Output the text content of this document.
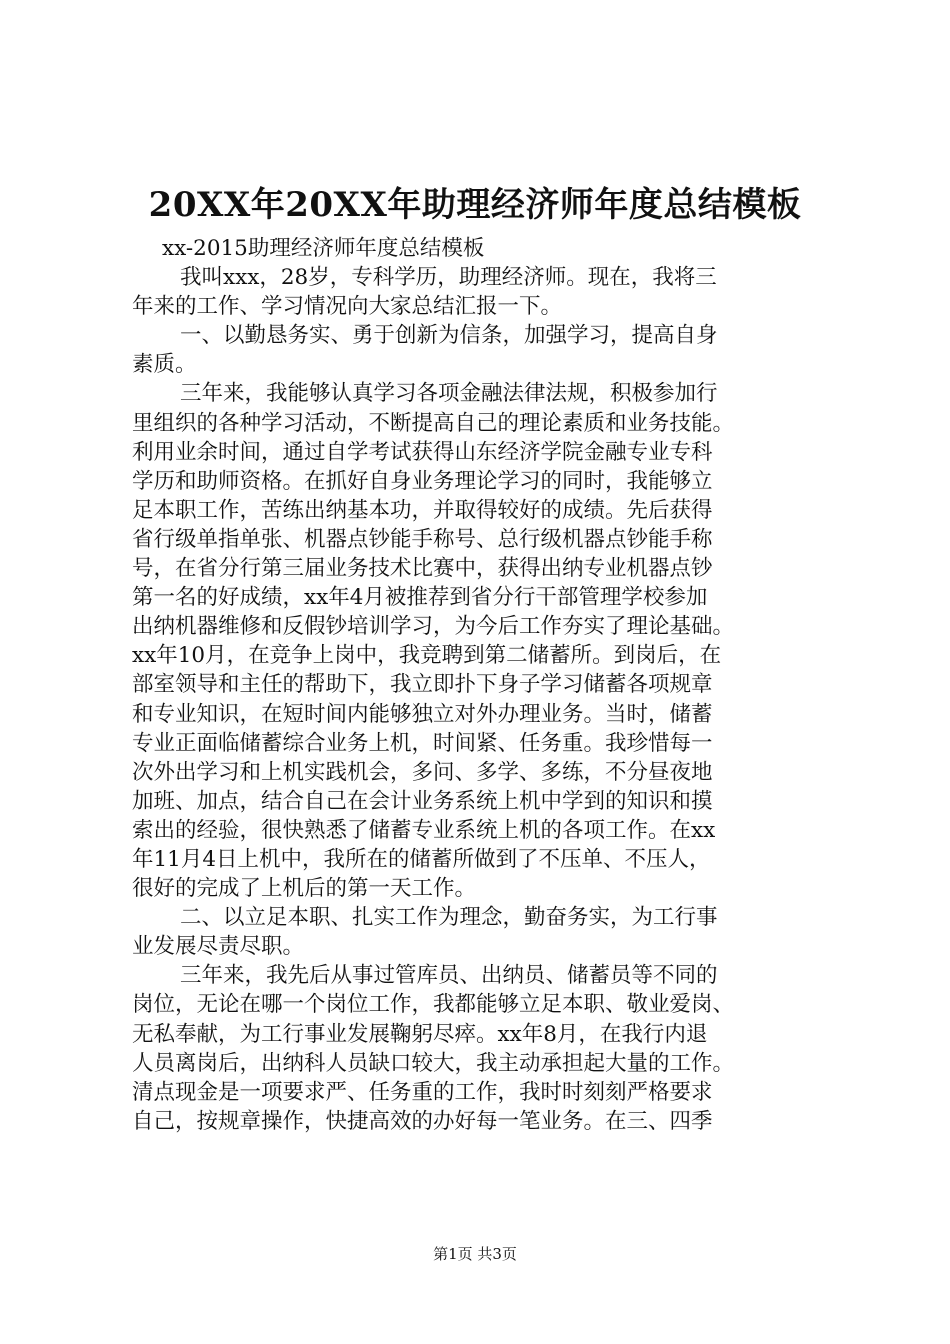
20XX年20XX年助理经济师年度总结模板
xx-2015助理经济师年度总结模板
我叫xxx，28岁，专科学历，助理经济师。现在，我将三
年来的工作、学习情况向大家总结汇报一下。
一、以勤恳务实、勇于创新为信条，加强学习，提高自身
素质。
三年来，我能够认真学习各项金融法律法规，积极参加行
里组织的各种学习活动，不断提高自己的理论素质和业务技能。
利用业余时间，通过自学考试获得山东经济学院金融专业专科
学历和助师资格。在抓好自身业务理论学习的同时，我能够立
足本职工作，苦练出纳基本功，并取得较好的成绩。先后获得
省行级单指单张、机器点钞能手称号、总行级机器点钞能手称
号，在省分行第三届业务技术比赛中，获得出纳专业机器点钞
第一名的好成绩，xx年4月被推荐到省分行干部管理学校参加
出纳机器维修和反假钞培训学习，为今后工作夯实了理论基础。
xx年10月，在竞争上岗中，我竞聘到第二储蓄所。到岗后，在
部室领导和主任的帮助下，我立即扑下身子学习储蓄各项规章
和专业知识，在短时间内能够独立对外办理业务。当时，储蓄
专业正面临储蓄综合业务上机，时间紧、任务重。我珍惜每一
次外出学习和上机实践机会，多问、多学、多练，不分昼夜地
加班、加点，结合自己在会计业务系统上机中学到的知识和摸
索出的经验，很快熟悉了储蓄专业系统上机的各项工作。在xx
年11月4日上机中，我所在的储蓄所做到了不压单、不压人，
很好的完成了上机后的第一天工作。
二、以立足本职、扎实工作为理念，勤奋务实，为工行事
业发展尽责尽职。
三年来，我先后从事过管库员、出纳员、储蓄员等不同的
岗位，无论在哪一个岗位工作，我都能够立足本职、敬业爱岗、
无私奉献，为工行事业发展鞠躬尽瘁。xx年8月，在我行内退
人员离岗后，出纳科人员缺口较大，我主动承担起大量的工作。
清点现金是一项要求严、任务重的工作，我时时刻刻严格要求
自己，按规章操作，快捷高效的办好每一笔业务。在三、四季
第1页 共3页
